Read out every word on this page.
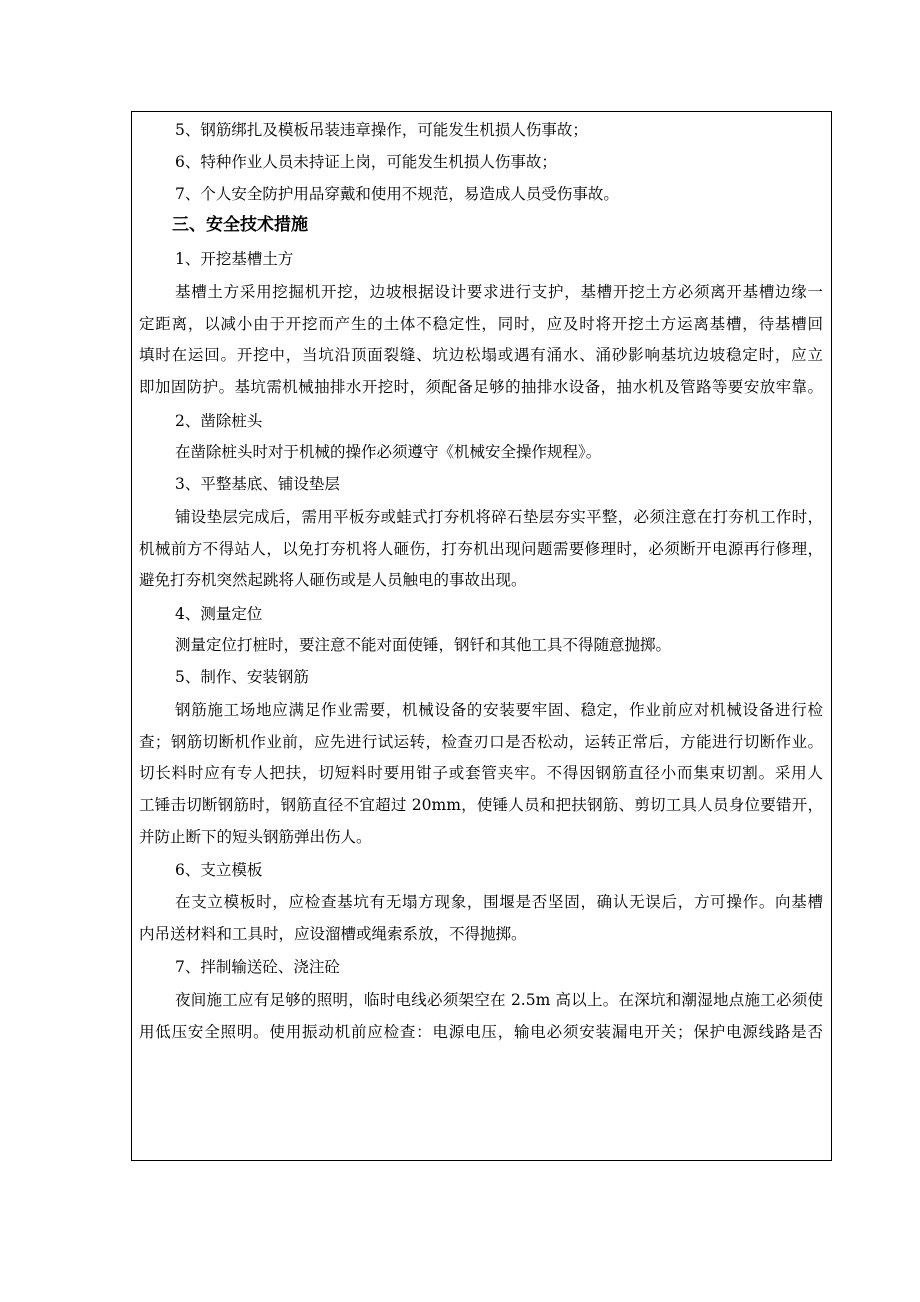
5、钢筋绑扎及模板吊装违章操作，可能发生机损人伤事故；
6、特种作业人员未持证上岗，可能发生机损人伤事故；
7、个人安全防护用品穿戴和使用不规范，易造成人员受伤事故。
三、安全技术措施
1、开挖基槽土方
基槽土方采用挖掘机开挖，边坡根据设计要求进行支护，基槽开挖土方必须离开基槽边缘一
定距离，以减小由于开挖而产生的土体不稳定性，同时，应及时将开挖土方运离基槽，待基槽回
填时在运回。开挖中，当坑沿顶面裂缝、坑边松塌或遇有涌水、涌砂影响基坑边坡稳定时，应立
即加固防护。基坑需机械抽排水开挖时，须配备足够的抽排水设备，抽水机及管路等要安放牢靠。
2、凿除桩头
在凿除桩头时对于机械的操作必须遵守《机械安全操作规程》。
3、平整基底、铺设垫层
铺设垫层完成后，需用平板夯或蛙式打夯机将碎石垫层夯实平整，必须注意在打夯机工作时，
机械前方不得站人，以免打夯机将人砸伤，打夯机出现问题需要修理时，必须断开电源再行修理，
避免打夯机突然起跳将人砸伤或是人员触电的事故出现。
4、测量定位
测量定位打桩时，要注意不能对面使锤，钢钎和其他工具不得随意抛掷。
5、制作、安装钢筋
钢筋施工场地应满足作业需要，机械设备的安装要牢固、稳定，作业前应对机械设备进行检
查；钢筋切断机作业前，应先进行试运转，检查刃口是否松动，运转正常后，方能进行切断作业。
切长料时应有专人把扶，切短料时要用钳子或套管夹牢。不得因钢筋直径小而集束切割。采用人
工锤击切断钢筋时，钢筋直径不宜超过 20mm，使锤人员和把扶钢筋、剪切工具人员身位要错开，
并防止断下的短头钢筋弹出伤人。
6、支立模板
在支立模板时，应检查基坑有无塌方现象，围堰是否坚固，确认无误后，方可操作。向基槽
内吊送材料和工具时，应设溜槽或绳索系放，不得抛掷。
7、拌制输送砼、浇注砼
夜间施工应有足够的照明，临时电线必须架空在 2.5m 高以上。在深坑和潮湿地点施工必须使
用低压安全照明。使用振动机前应检查：电源电压，输电必须安装漏电开关；保护电源线路是否
